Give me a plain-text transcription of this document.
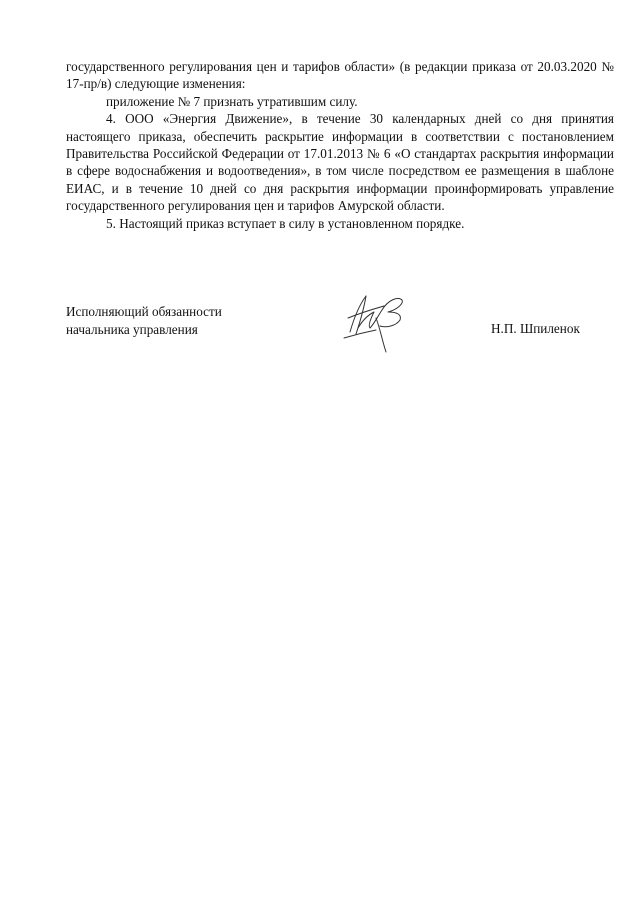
государственного регулирования цен и тарифов области» (в редакции приказа от 20.03.2020 № 17-пр/в) следующие изменения:

приложение № 7 признать утратившим силу.

4. ООО «Энергия Движение», в течение 30 календарных дней со дня принятия настоящего приказа, обеспечить раскрытие информации в соответствии с постановлением Правительства Российской Федерации от 17.01.2013 № 6 «О стандартах раскрытия информации в сфере водоснабжения и водоотведения», в том числе посредством ее размещения в шаблоне ЕИАС, и в течение 10 дней со дня раскрытия информации проинформировать управление государственного регулирования цен и тарифов Амурской области.

5. Настоящий приказ вступает в силу в установленном порядке.

Исполняющий обязанности
начальника управления	Н.П. Шпиленок
